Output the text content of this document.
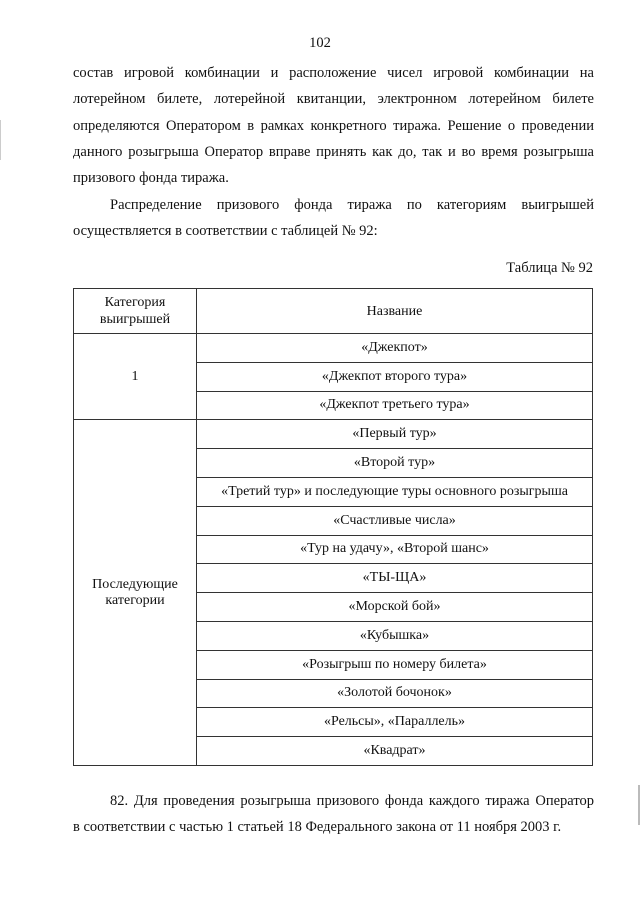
102

состав игровой комбинации и расположение чисел игровой комбинации на
лотерейном билете, лотерейной квитанции, электронном лотерейном билете
определяются Оператором в рамках конкретного тиража. Решение о проведении
данного розыгрыша Оператор вправе принять как до, так и во время розыгрыша
призового фонда тиража.

Распределение призового фонда тиража по категориям выигрышей
осуществляется в соответствии с таблицей № 92:

Таблица № 92
Категория выигрышей	Название
1	«Джекпот»
	«Джекпот второго тура»
	«Джекпот третьего тура»
Последующие категории	«Первый тур»
	«Второй тур»
	«Третий тур» и последующие туры основного розыгрыша
	«Счастливые числа»
	«Тур на удачу», «Второй шанс»
	«ТЫ-ЩА»
	«Морской бой»
	«Кубышка»
	«Розыгрыш по номеру билета»
	«Золотой бочонок»
	«Рельсы», «Параллель»
	«Квадрат»

82. Для проведения розыгрыша призового фонда каждого тиража Оператор
в соответствии с частью 1 статьей 18 Федерального закона от 11 ноября 2003 г.
